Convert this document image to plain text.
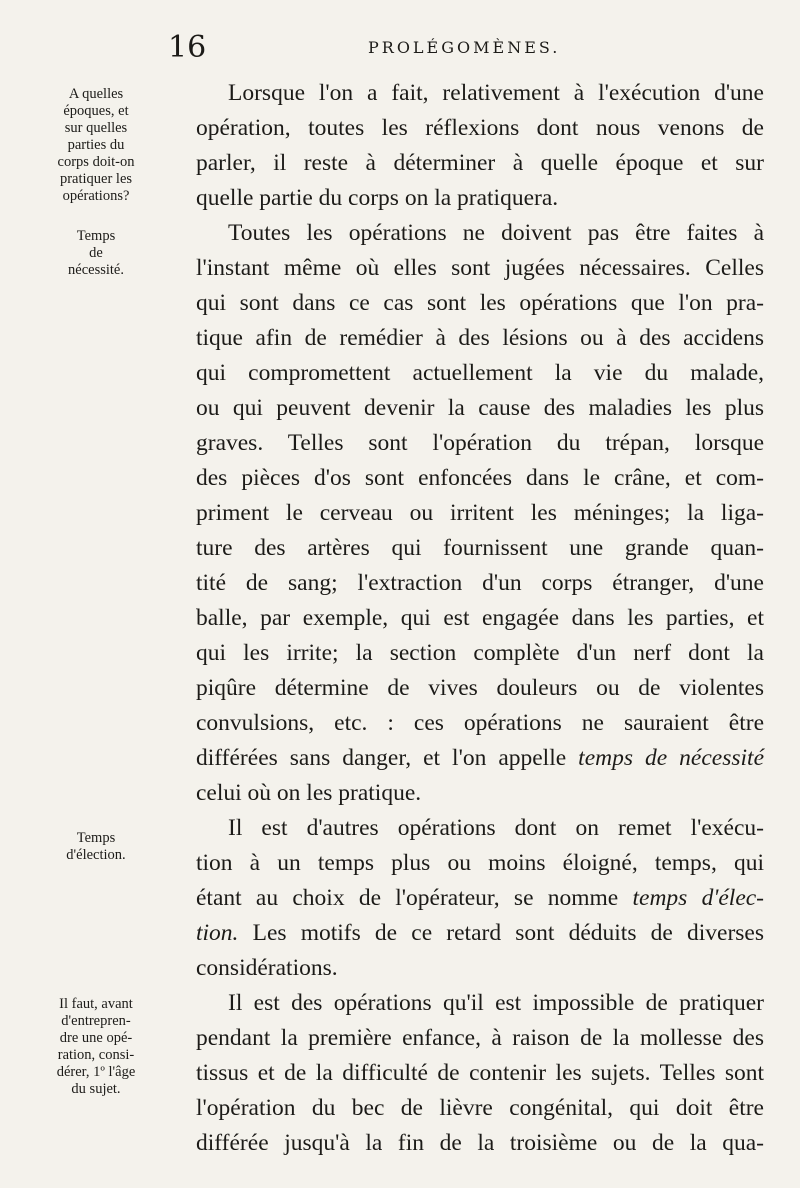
16	PROLÉGOMÈNES.
A quelles
époques, et
sur quelles
parties du
corps doit-on
pratiquer les
opérations?
Temps
de
nécessité.
Temps
d'élection.
Il faut, avant
d'entrepren-
dre une opé-
ration, consi-
dérer, 1º l'âge
du sujet.
Lorsque l'on a fait, relativement à l'exécution d'une
opération, toutes les réflexions dont nous venons de
parler, il reste à déterminer à quelle époque et sur
quelle partie du corps on la pratiquera.
Toutes les opérations ne doivent pas être faites à
l'instant même où elles sont jugées nécessaires. Celles
qui sont dans ce cas sont les opérations que l'on pra-
tique afin de remédier à des lésions ou à des accidens
qui compromettent actuellement la vie du malade,
ou qui peuvent devenir la cause des maladies les plus
graves. Telles sont l'opération du trépan, lorsque
des pièces d'os sont enfoncées dans le crâne, et com-
priment le cerveau ou irritent les méninges; la liga-
ture des artères qui fournissent une grande quan-
tité de sang; l'extraction d'un corps étranger, d'une
balle, par exemple, qui est engagée dans les parties, et
qui les irrite; la section complète d'un nerf dont la
piqûre détermine de vives douleurs ou de violentes
convulsions, etc. : ces opérations ne sauraient être
différées sans danger, et l'on appelle temps de nécessité
celui où on les pratique.
Il est d'autres opérations dont on remet l'exécu-
tion à un temps plus ou moins éloigné, temps, qui
étant au choix de l'opérateur, se nomme temps d'élec-
tion. Les motifs de ce retard sont déduits de diverses
considérations.
Il est des opérations qu'il est impossible de pratiquer
pendant la première enfance, à raison de la mollesse des
tissus et de la difficulté de contenir les sujets. Telles sont
l'opération du bec de lièvre congénital, qui doit être
différée jusqu'à la fin de la troisième ou de la qua-
